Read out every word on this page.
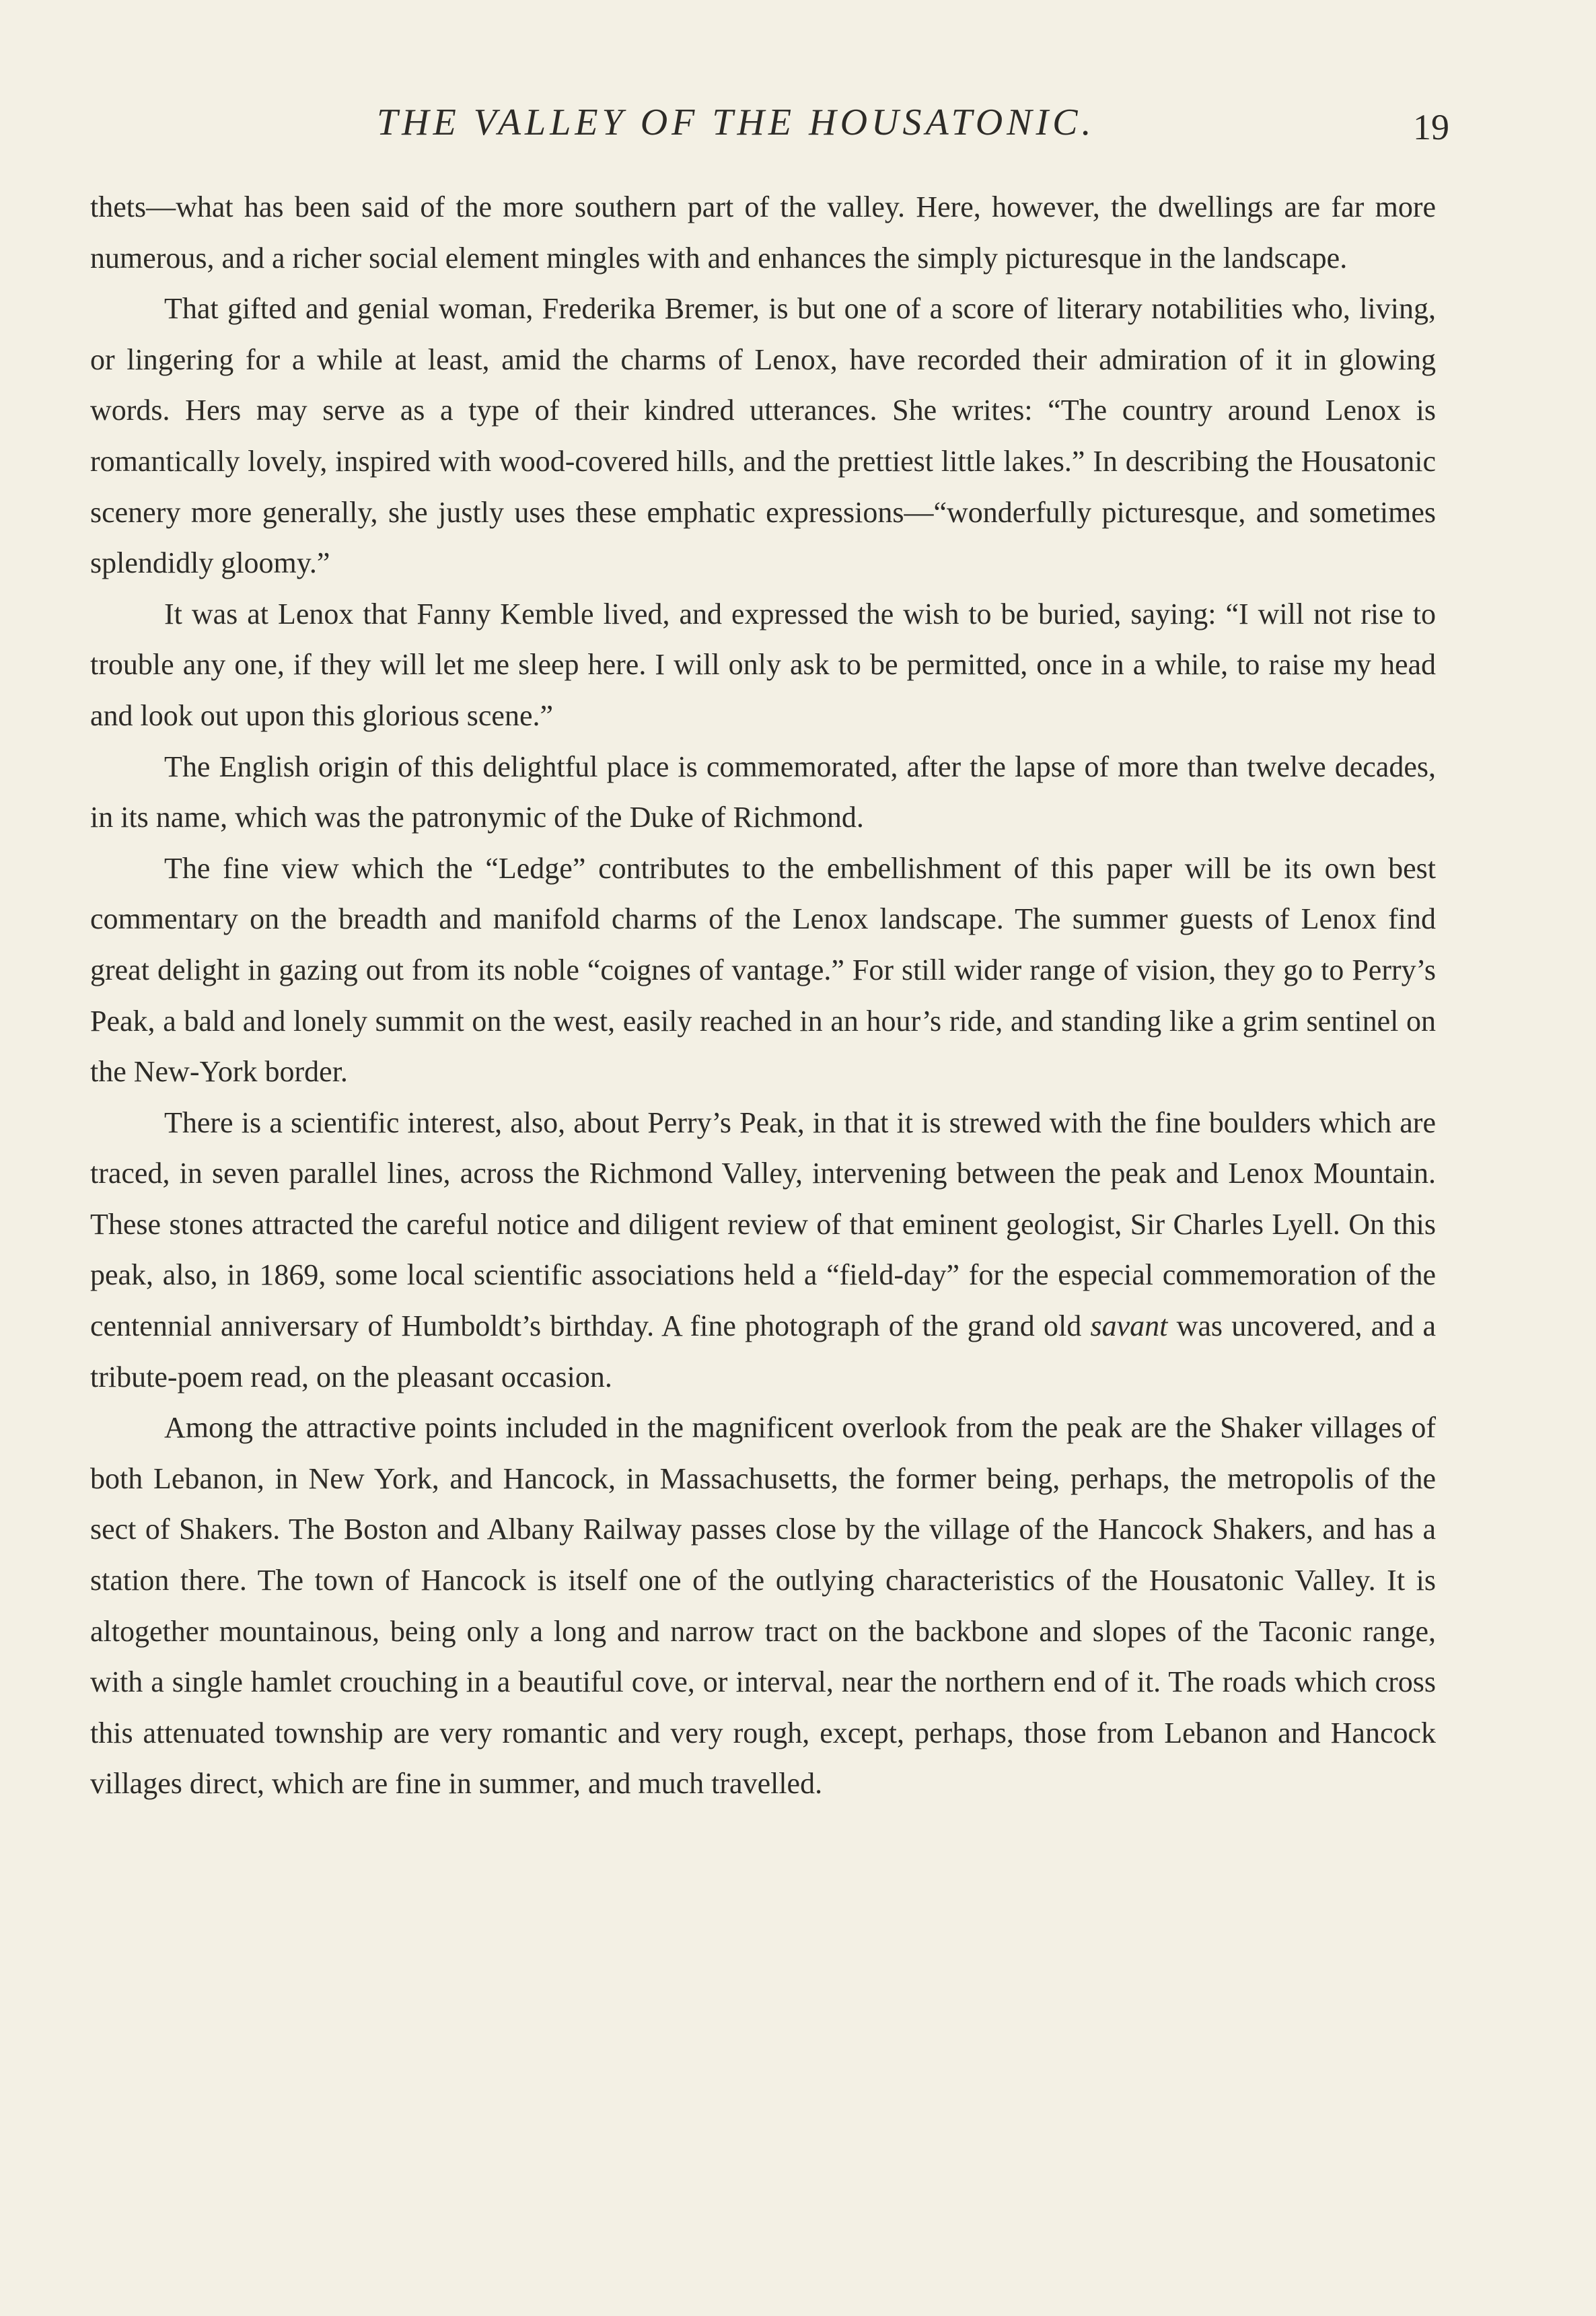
THE VALLEY OF THE HOUSATONIC.	19

thets—what has been said of the more southern part of the valley. Here, however, the dwellings are far more numerous, and a richer social element mingles with and enhances the simply picturesque in the landscape.

That gifted and genial woman, Frederika Bremer, is but one of a score of literary notabilities who, living, or lingering for a while at least, amid the charms of Lenox, have recorded their admiration of it in glowing words. Hers may serve as a type of their kindred utterances. She writes: “The country around Lenox is romantically lovely, inspired with wood-covered hills, and the prettiest little lakes.” In describing the Housatonic scenery more generally, she justly uses these emphatic expressions—“wonderfully picturesque, and sometimes splendidly gloomy.”

It was at Lenox that Fanny Kemble lived, and expressed the wish to be buried, saying: “I will not rise to trouble any one, if they will let me sleep here. I will only ask to be permitted, once in a while, to raise my head and look out upon this glorious scene.”

The English origin of this delightful place is commemorated, after the lapse of more than twelve decades, in its name, which was the patronymic of the Duke of Richmond.

The fine view which the “Ledge” contributes to the embellishment of this paper will be its own best commentary on the breadth and manifold charms of the Lenox landscape. The summer guests of Lenox find great delight in gazing out from its noble “coignes of vantage.” For still wider range of vision, they go to Perry’s Peak, a bald and lonely summit on the west, easily reached in an hour’s ride, and standing like a grim sentinel on the New-York border.

There is a scientific interest, also, about Perry’s Peak, in that it is strewed with the fine boulders which are traced, in seven parallel lines, across the Richmond Valley, intervening between the peak and Lenox Mountain. These stones attracted the careful notice and diligent review of that eminent geologist, Sir Charles Lyell. On this peak, also, in 1869, some local scientific associations held a “field-day” for the especial commemoration of the centennial anniversary of Humboldt’s birthday. A fine photograph of the grand old savant was uncovered, and a tribute-poem read, on the pleasant occasion.

Among the attractive points included in the magnificent overlook from the peak are the Shaker villages of both Lebanon, in New York, and Hancock, in Massachusetts, the former being, perhaps, the metropolis of the sect of Shakers. The Boston and Albany Railway passes close by the village of the Hancock Shakers, and has a station there. The town of Hancock is itself one of the outlying characteristics of the Housatonic Valley. It is altogether mountainous, being only a long and narrow tract on the backbone and slopes of the Taconic range, with a single hamlet crouching in a beautiful cove, or interval, near the northern end of it. The roads which cross this attenuated township are very romantic and very rough, except, perhaps, those from Lebanon and Hancock villages direct, which are fine in summer, and much travelled.
